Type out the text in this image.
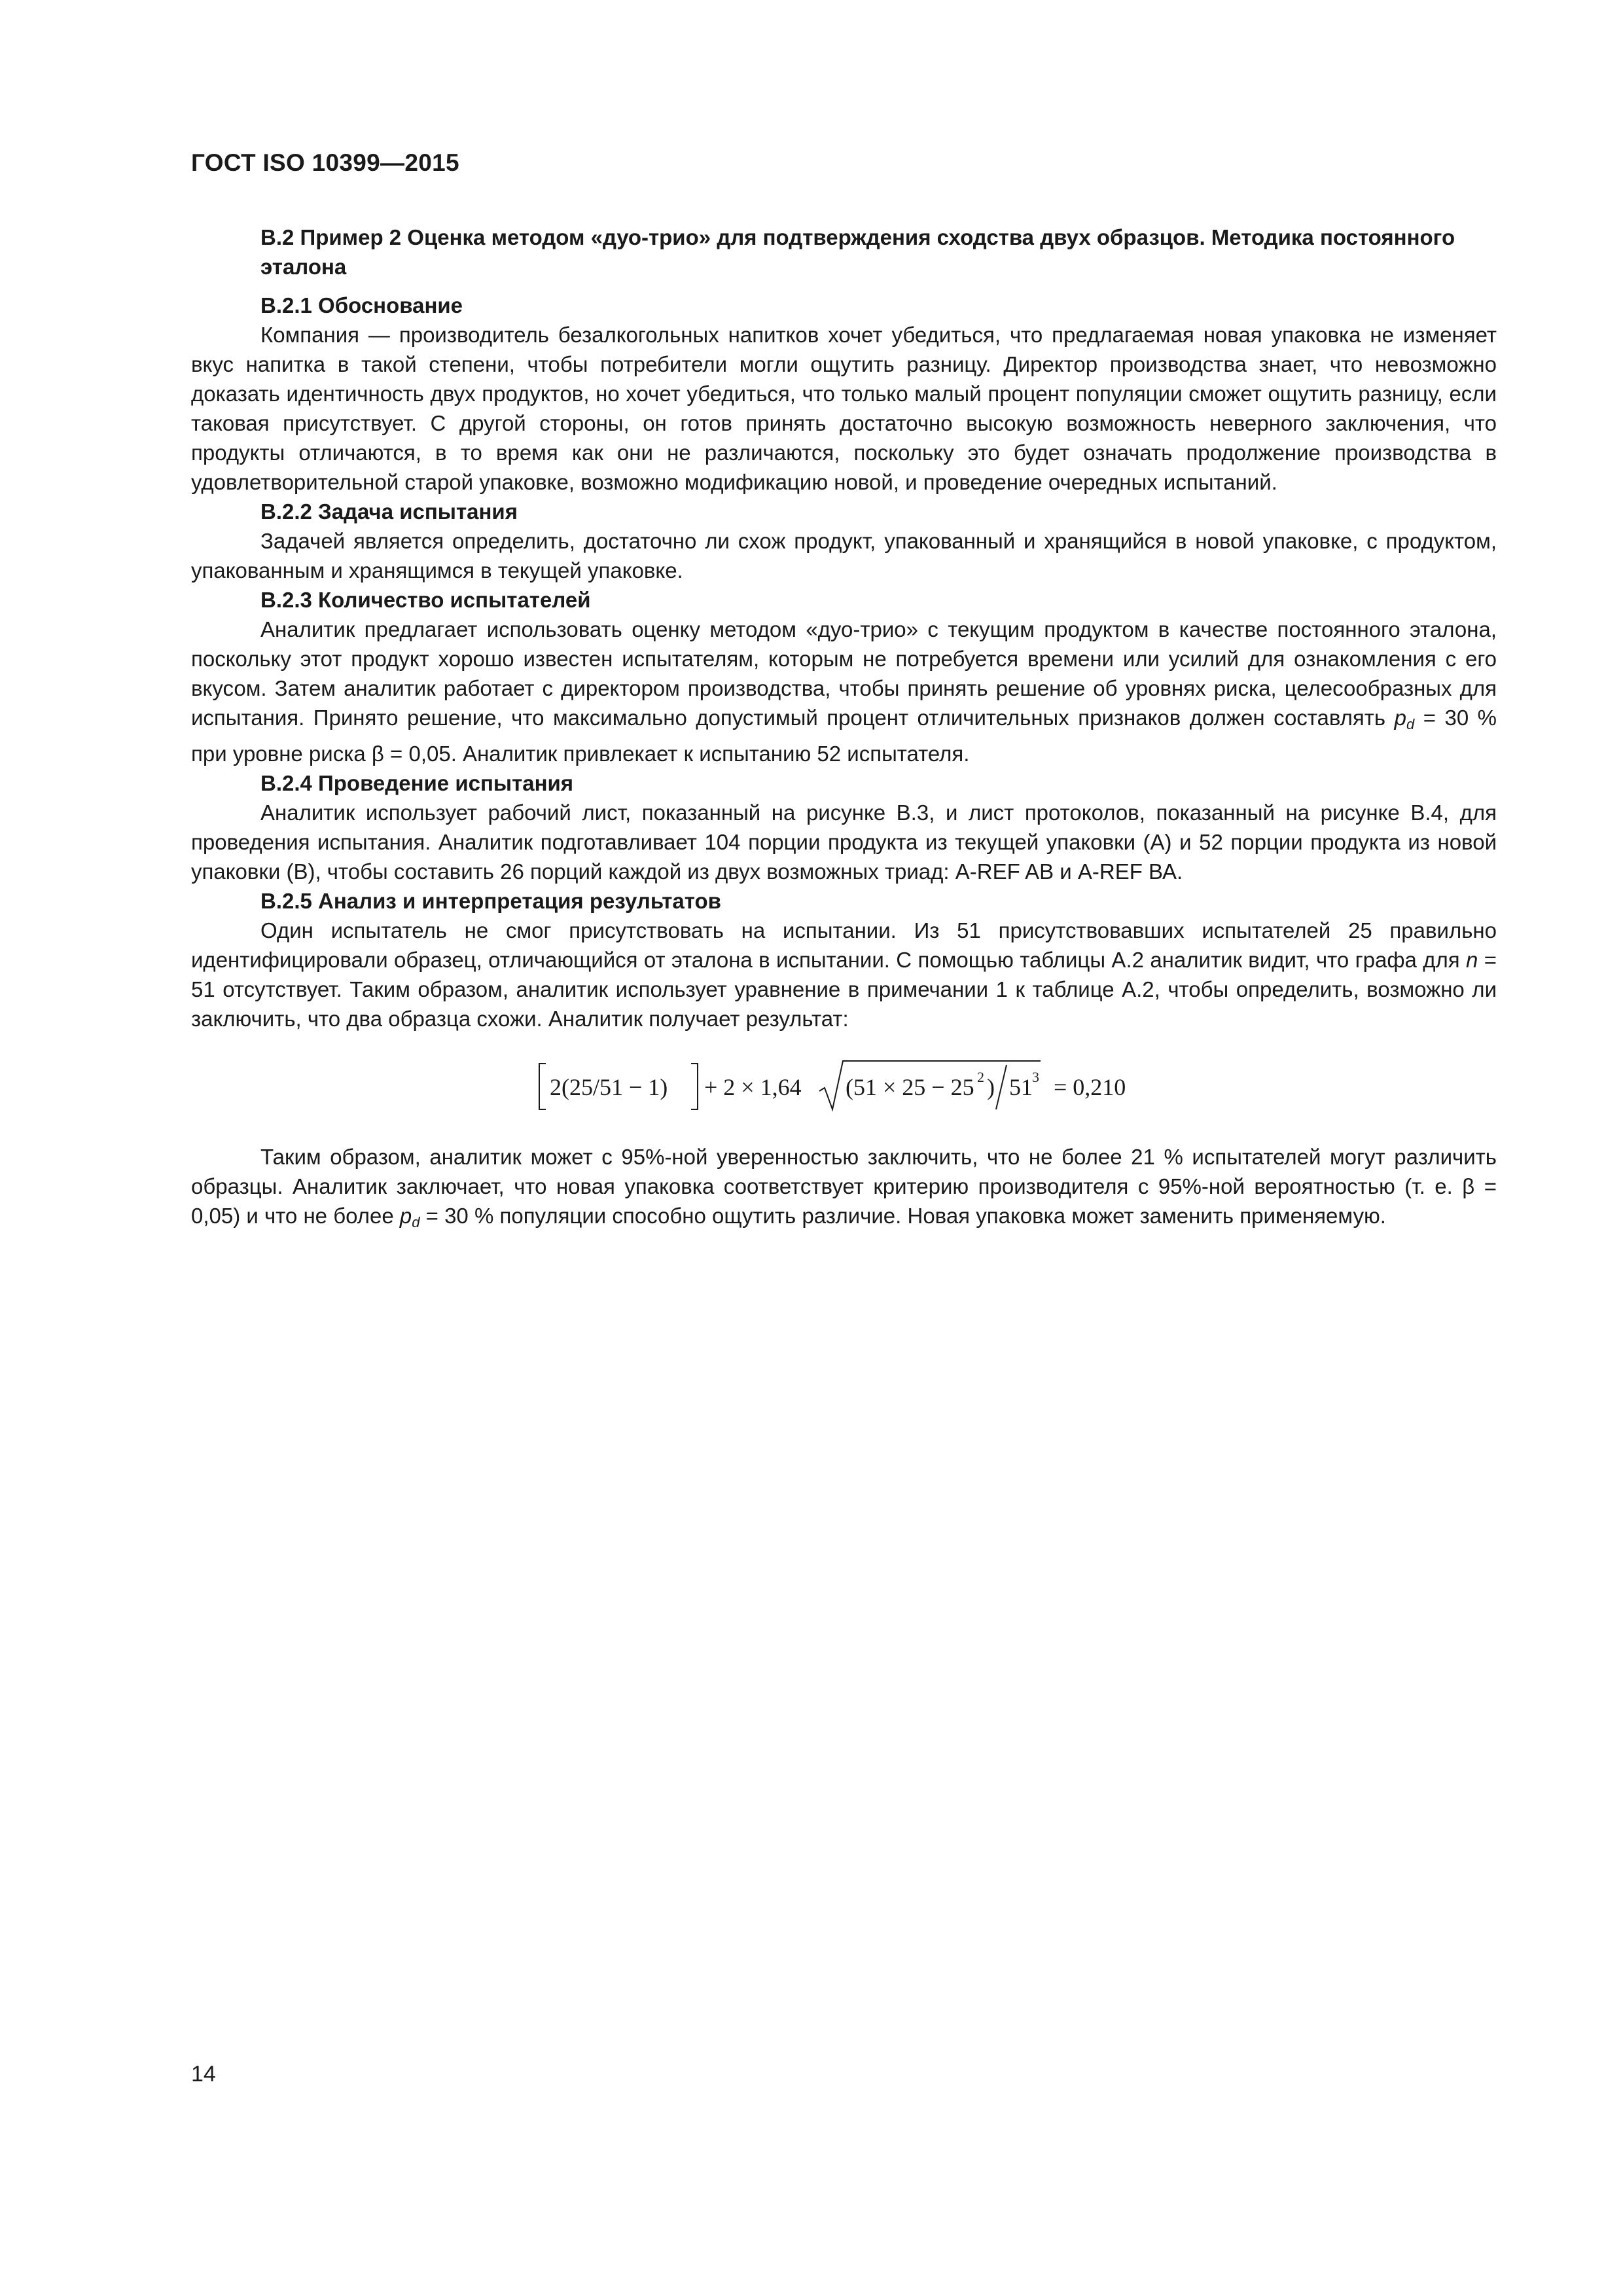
ГОСТ ISO 10399—2015

В.2 Пример 2 Оценка методом «дуо-трио» для подтверждения сходства двух образцов. Методика постоянного эталона

В.2.1 Обоснование

Компания — производитель безалкогольных напитков хочет убедиться, что предлагаемая новая упаковка не изменяет вкус напитка в такой степени, чтобы потребители могли ощутить разницу. Директор производства знает, что невозможно доказать идентичность двух продуктов, но хочет убедиться, что только малый процент популяции сможет ощутить разницу, если таковая присутствует. С другой стороны, он готов принять достаточно высокую возможность неверного заключения, что продукты отличаются, в то время как они не различаются, поскольку это будет означать продолжение производства в удовлетворительной старой упаковке, возможно модификацию новой, и проведение очередных испытаний.

В.2.2 Задача испытания

Задачей является определить, достаточно ли схож продукт, упакованный и хранящийся в новой упаковке, с продуктом, упакованным и хранящимся в текущей упаковке.

В.2.3 Количество испытателей

Аналитик предлагает использовать оценку методом «дуо-трио» с текущим продуктом в качестве постоянного эталона, поскольку этот продукт хорошо известен испытателям, которым не потребуется времени или усилий для ознакомления с его вкусом. Затем аналитик работает с директором производства, чтобы принять решение об уровнях риска, целесообразных для испытания. Принято решение, что максимально допустимый процент отличительных признаков должен составлять $p_d = 30$ % при уровне риска β = 0,05. Аналитик привлекает к испытанию 52 испытателя.

В.2.4 Проведение испытания

Аналитик использует рабочий лист, показанный на рисунке В.3, и лист протоколов, показанный на рисунке В.4, для проведения испытания. Аналитик подготавливает 104 порции продукта из текущей упаковки (А) и 52 порции продукта из новой упаковки (В), чтобы составить 26 порций каждой из двух возможных триад: A-REF AB и A-REF ВА.

В.2.5 Анализ и интерпретация результатов

Один испытатель не смог присутствовать на испытании. Из 51 присутствовавших испытателей 25 правильно идентифицировали образец, отличающийся от эталона в испытании. С помощью таблицы А.2 аналитик видит, что графа для n = 51 отсутствует. Таким образом, аналитик использует уравнение в примечании 1 к таблице А.2, чтобы определить, возможно ли заключить, что два образца схожи. Аналитик получает результат:

2(25/51 − 1) + 2 × 1,64 (51 × 25 − 25 2 ) 51 3 = 0,210

Таким образом, аналитик может с 95%-ной уверенностью заключить, что не более 21 % испытателей могут различить образцы. Аналитик заключает, что новая упаковка соответствует критерию производителя с 95%-ной вероятностью (т. е. β = 0,05) и что не более $p_d = 30$ % популяции способно ощутить различие. Новая упаковка может заменить применяемую.

14
